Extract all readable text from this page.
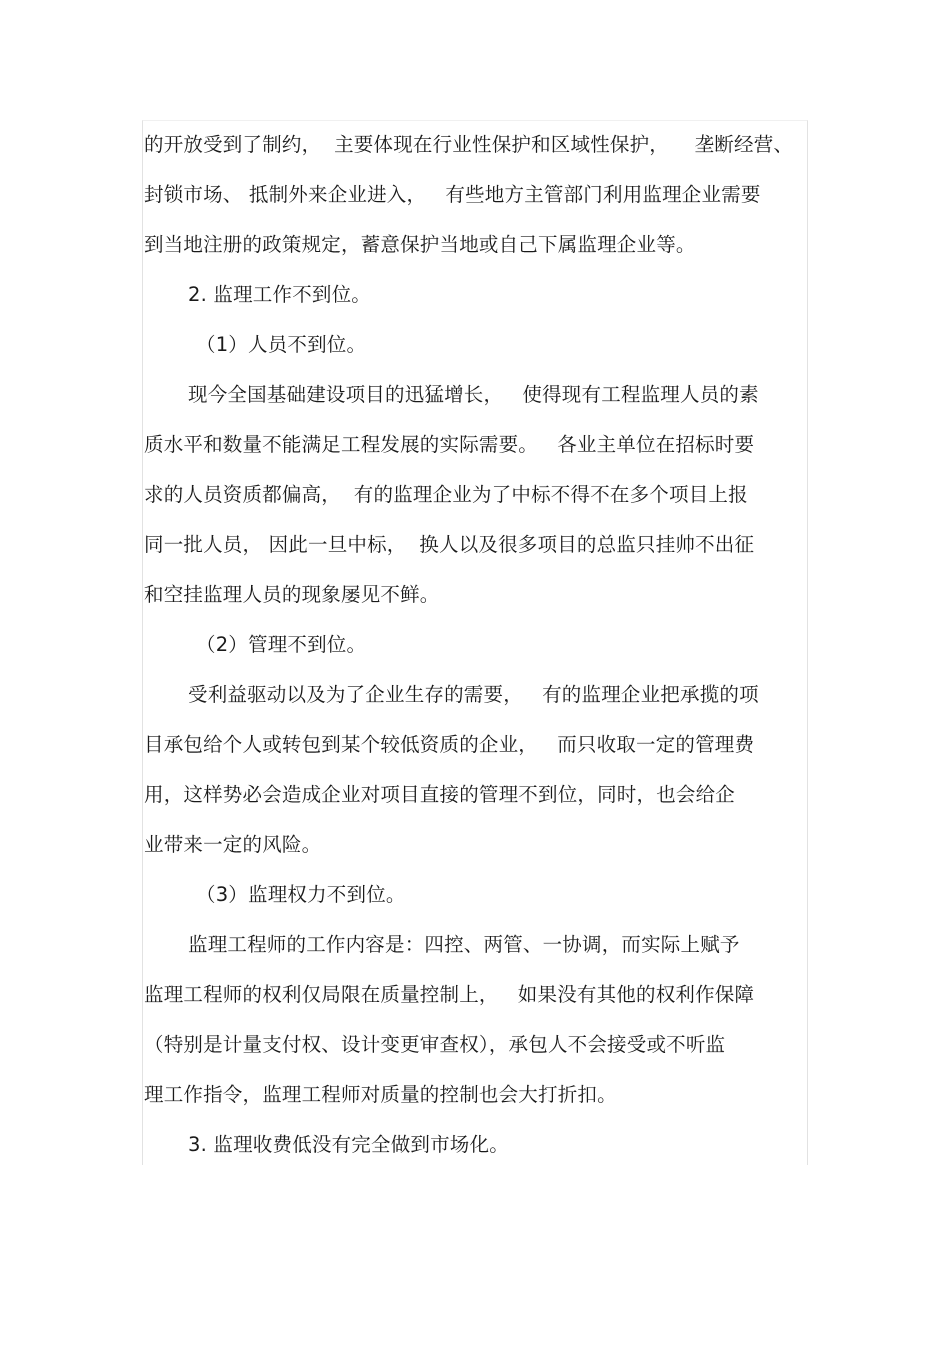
的开放受到了制约，  主要体现在行业性保护和区域性保护，    垄断经营、
封锁市场、 抵制外来企业进入，   有些地方主管部门利用监理企业需要
到当地注册的政策规定，蓄意保护当地或自己下属监理企业等。
2. 监理工作不到位。
（1）人员不到位。
现今全国基础建设项目的迅猛增长，   使得现有工程监理人员的素
质水平和数量不能满足工程发展的实际需要。   各业主单位在招标时要
求的人员资质都偏高，  有的监理企业为了中标不得不在多个项目上报
同一批人员， 因此一旦中标，  换人以及很多项目的总监只挂帅不出征
和空挂监理人员的现象屡见不鲜。
（2）管理不到位。
受利益驱动以及为了企业生存的需要，   有的监理企业把承揽的项
目承包给个人或转包到某个较低资质的企业，   而只收取一定的管理费
用，这样势必会造成企业对项目直接的管理不到位，同时，也会给企
业带来一定的风险。
（3）监理权力不到位。
监理工程师的工作内容是：四控、两管、一协调，而实际上赋予
监理工程师的权利仅局限在质量控制上，   如果没有其他的权利作保障
（特别是计量支付权、设计变更审查权），承包人不会接受或不听监
理工作指令，监理工程师对质量的控制也会大打折扣。
3. 监理收费低没有完全做到市场化。
